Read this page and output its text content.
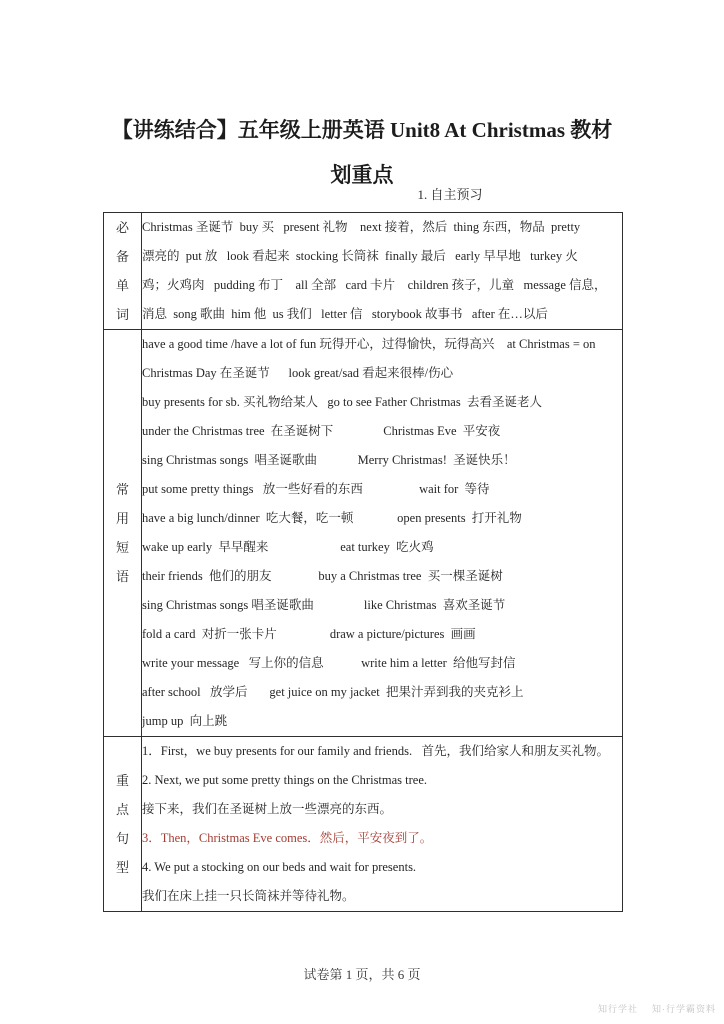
【讲练结合】五年级上册英语 Unit8 At Christmas 教材
划重点
1. 自主预习
必
备
单
词

Christmas 圣诞节  buy 买   present 礼物    next 接着，然后  thing 东西，物品  pretty
漂亮的  put 放   look 看起来  stocking 长筒袜  finally 最后   early 早早地   turkey 火
鸡；火鸡肉   pudding 布丁    all 全部   card 卡片    children 孩子，儿童   message 信息，
消息  song 歌曲  him 他  us 我们   letter 信   storybook 故事书   after 在…以后

常
用
短
语

have a good time /have a lot of fun 玩得开心，过得愉快，玩得高兴    at Christmas = on
Christmas Day 在圣诞节      look great/sad 看起来很棒/伤心
buy presents for sb. 买礼物给某人   go to see Father Christmas  去看圣诞老人
under the Christmas tree  在圣诞树下                Christmas Eve  平安夜
sing Christmas songs  唱圣诞歌曲             Merry Christmas!  圣诞快乐！
put some pretty things   放一些好看的东西                  wait for  等待
have a big lunch/dinner  吃大餐，吃一顿              open presents  打开礼物
wake up early  早早醒来                       eat turkey  吃火鸡
their friends  他们的朋友               buy a Christmas tree  买一棵圣诞树
sing Christmas songs 唱圣诞歌曲                like Christmas  喜欢圣诞节
fold a card  对折一张卡片                 draw a picture/pictures  画画
write your message   写上你的信息            write him a letter  给他写封信
after school   放学后       get juice on my jacket  把果汁弄到我的夹克衫上
jump up  向上跳

重
点
句
型

1．First，we buy presents for our family and friends.   首先，我们给家人和朋友买礼物。
2. Next, we put some pretty things on the Christmas tree.
接下来，我们在圣诞树上放一些漂亮的东西。
3．Then，Christmas Eve comes．然后，平安夜到了。
4. We put a stocking on our beds and wait for presents.
我们在床上挂一只长筒袜并等待礼物。
试卷第 1 页，共 6 页
知行学社 知·行学霸资料
